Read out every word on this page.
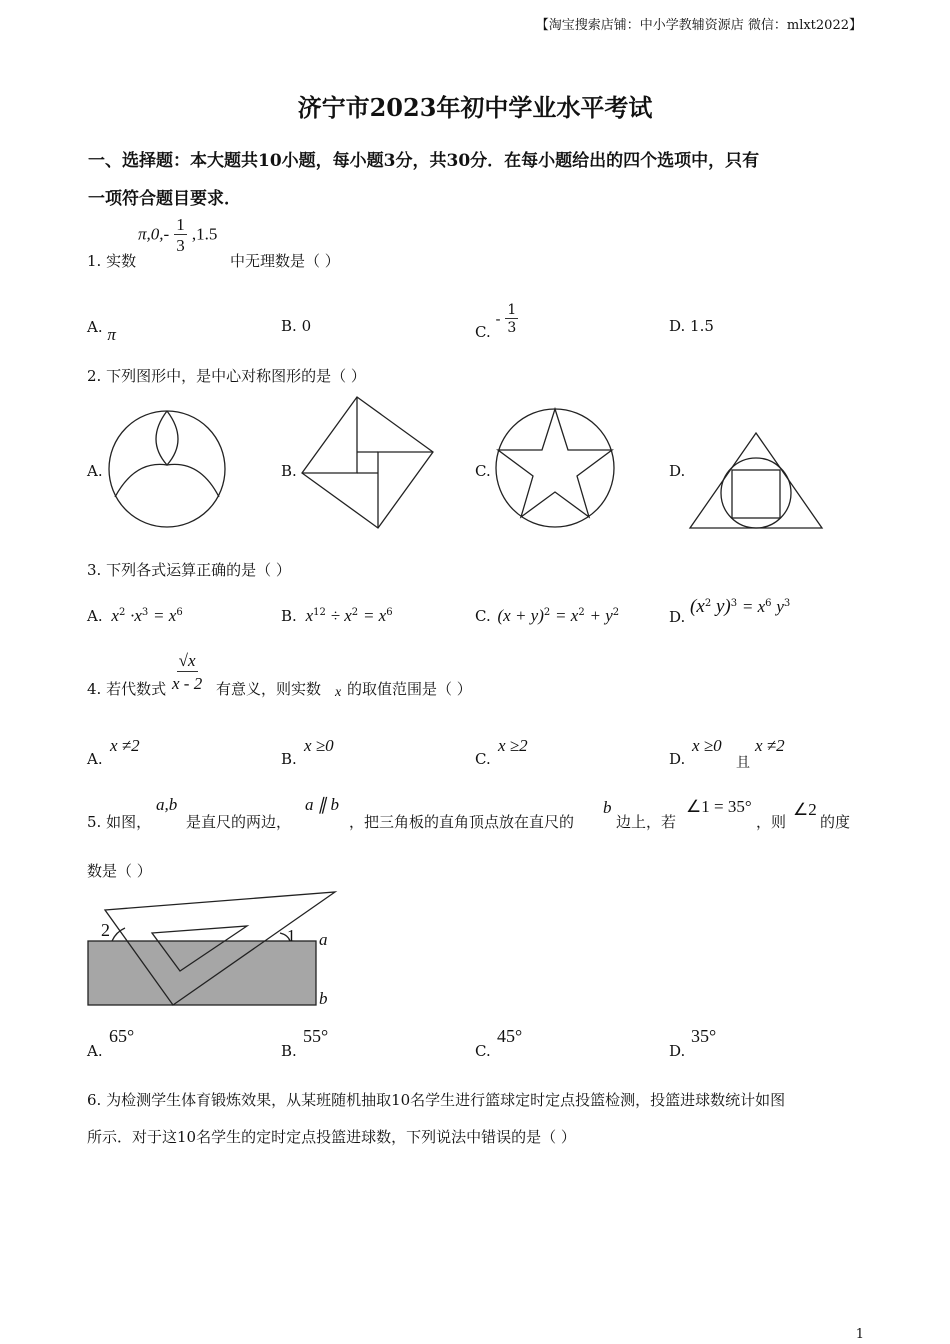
【淘宝搜索店铺：中小学教辅资源店 微信：mlxt2022】
济宁市2023年初中学业水平考试
一、选择题：本大题共10小题，每小题3分，共30分．在每小题给出的四个选项中，只有
一项符合题目要求．
1. 实数
$\pi,0,- \frac{1}{3} ,1.5$
中无理数是（ ）
A. π	B. 0	C. - $\frac{1}{3}$	D. 1.5
2. 下列图形中，是中心对称图形的是（ ）
A.	B.	C.	D.
3. 下列各式运算正确的是（ ）
A. $x^2 \cdot x^3 = x^6$	B. $x^{12} \div x^2 = x^6$	C. $(x + y)^2 = x^2 + y^2$	D. ($x^2$ $y)^3 = x^6$ $y^3$
4. 若代数式 $\frac{√x}{x - 2}$ 有意义，则实数 x 的取值范围是（ ）
A.
x ≠2
B.
x ≥0
C.
x ≥2
D.
x ≥0
且
x ≠2
5. 如图，
a,b
是直尺的两边，
a ∥ b
，把三角板的直角顶点放在直尺的
b
边上，若
∠1 = 35°
，则
∠2
的度
数是（ ）
2	1 a
b
A.
65°
B.
55°
C.
45°
D.
35°
6. 为检测学生体育锻炼效果，从某班随机抽取10名学生进行篮球定时定点投篮检测，投篮进球数统计如图
所示．对于这10名学生的定时定点投篮进球数，下列说法中错误的是（ ）
1
